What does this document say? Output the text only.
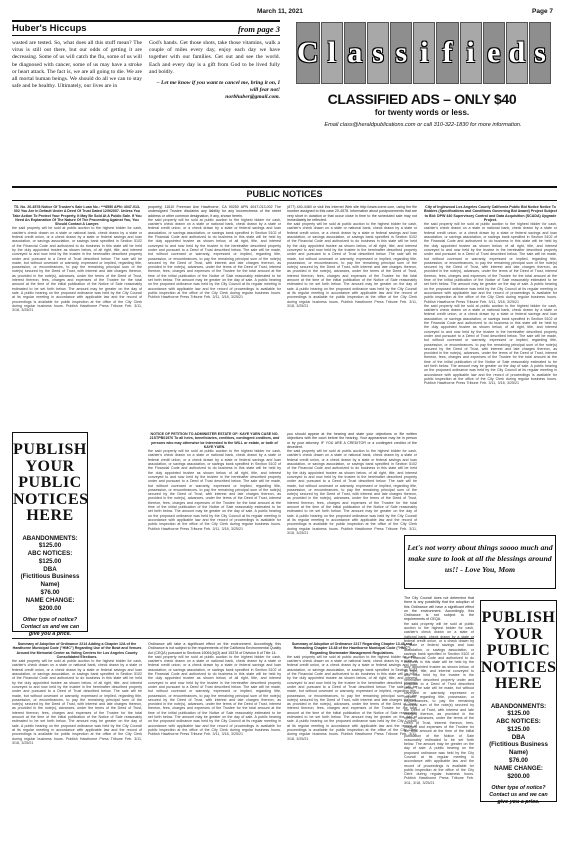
March 11, 2021	Page 7
Huber's Hiccups	from page 3
wasted are tested. So, what does all this stuff mean? The virus is still out there, but our odds of getting it are decreasing. Some of us will catch the flu, some of us will be diagnosed with cancer, some of us may have a stroke or heart attack. The fact is, we are all going to die. We are all mortal human beings. We should do all we can to stay safe and be healthy. Ultimately, our lives are in
God's hands. Get those shots, take those vitamins, walk a couple of miles every day, enjoy each day we have together with our families. Get out and see the world. Each and every day is a gift from God to be lived fully and boldly.
– Let me know if you want to cancel me, bring it on, I will fear not!
norbhuber@gmail.com.
C l a s s i f i e d s
CLASSIFIED ADS – ONLY $40
for twenty words or less.
Email class@heraldpublications.com or call 310-322-1830 for more information.
PUBLIC NOTICES
TS. No. 20-4578 Notice Of Trustee's Sale Loan No.: ***8550 APN: 4047-013-002 You Are In Default Under A Deed Of Trust Dated 12/9/2007. Unless You Take Action To Protect Your Property, It May Be Sold At A Public Sale. If You Need An Explanation Of The Nature Of The Proceeding Against You, You Should Contact A Lawyer.
the said property will be sold at public auction to the highest bidder for cash, cashier's check drawn on a state or national bank, check drawn by a state or federal credit union, or a check drawn by a state or federal savings and loan association, or savings association, or savings bank specified in Section 5102 of the Financial Code and authorized to do business in this state will be held by the duly appointed trustee as shown below, of all right, title, and interest conveyed to and now held by the trustee in the hereinafter described property under and pursuant to a Deed of Trust described below. The sale will be made, but without covenant or warranty, expressed or implied, regarding title, possession, or encumbrances, to pay the remaining principal sum of the note(s) secured by the Deed of Trust, with interest and late charges thereon, as provided in the note(s), advances, under the terms of the Deed of Trust, interest thereon, fees, charges and expenses of the Trustee for the total amount at the time of the initial publication of the Notice of Sale reasonably estimated to be set forth below. The amount may be greater on the day of sale. A public hearing on the proposed ordinance was held by the City Council at its regular meeting in accordance with applicable law and the record of proceedings is available for public inspection at the office of the City Clerk during regular business hours. Publish Hawthorne Press Tribune Feb. 3/11, 3/18, 3/25/21
property) 11610 Freeman Ave Hawthorne, CA 90250 APN 4047-013-002 The undersigned Trustee disclaims any liability for any incorrectness of the street address or other common designation, if any, shown herein.
the said property will be sold at public auction to the highest bidder for cash, cashier's check drawn on a state or national bank, check drawn by a state or federal credit union, or a check drawn by a state or federal savings and loan association, or savings association, or savings bank specified in Section 5102 of the Financial Code and authorized to do business in this state will be held by the duly appointed trustee as shown below, of all right, title, and interest conveyed to and now held by the trustee in the hereinafter described property under and pursuant to a Deed of Trust described below. The sale will be made, but without covenant or warranty, expressed or implied, regarding title, possession, or encumbrances, to pay the remaining principal sum of the note(s) secured by the Deed of Trust, with interest and late charges thereon, as provided in the note(s), advances, under the terms of the Deed of Trust, interest thereon, fees, charges and expenses of the Trustee for the total amount at the time of the initial publication of the Notice of Sale reasonably estimated to be set forth below. The amount may be greater on the day of sale. A public hearing on the proposed ordinance was held by the City Council at its regular meeting in accordance with applicable law and the record of proceedings is available for public inspection at the office of the City Clerk during regular business hours. Publish Hawthorne Press Tribune Feb. 3/11, 3/18, 3/25/21
(877) 440-4460 or visit this Internet Web site http://www.xome.com, using the file number assigned to this case 20-4578. Information about postponements that are very short in duration or that occur close in time to the scheduled sale may not immediately be reflected.
the said property will be sold at public auction to the highest bidder for cash, cashier's check drawn on a state or national bank, check drawn by a state or federal credit union, or a check drawn by a state or federal savings and loan association, or savings association, or savings bank specified in Section 5102 of the Financial Code and authorized to do business in this state will be held by the duly appointed trustee as shown below, of all right, title, and interest conveyed to and now held by the trustee in the hereinafter described property under and pursuant to a Deed of Trust described below. The sale will be made, but without covenant or warranty, expressed or implied, regarding title, possession, or encumbrances, to pay the remaining principal sum of the note(s) secured by the Deed of Trust, with interest and late charges thereon, as provided in the note(s), advances, under the terms of the Deed of Trust, interest thereon, fees, charges and expenses of the Trustee for the total amount at the time of the initial publication of the Notice of Sale reasonably estimated to be set forth below. The amount may be greater on the day of sale. A public hearing on the proposed ordinance was held by the City Council at its regular meeting in accordance with applicable law and the record of proceedings is available for public inspection at the office of the City Clerk during regular business hours. Publish Hawthorne Press Tribune Feb. 3/11, 3/18, 3/25/21
City of Inglewood Los Angeles County California Public Bid Notice Notice To Bidders (Specifications and Conditions Governing Bid Award) Project Subject to Bid: DPW 440 Supervisory Control and Data Acquisition (SCADA) Upgrade Project.
the said property will be sold at public auction to the highest bidder for cash, cashier's check drawn on a state or national bank, check drawn by a state or federal credit union, or a check drawn by a state or federal savings and loan association, or savings association, or savings bank specified in Section 5102 of the Financial Code and authorized to do business in this state will be held by the duly appointed trustee as shown below, of all right, title, and interest conveyed to and now held by the trustee in the hereinafter described property under and pursuant to a Deed of Trust described below. The sale will be made, but without covenant or warranty, expressed or implied, regarding title, possession, or encumbrances, to pay the remaining principal sum of the note(s) secured by the Deed of Trust, with interest and late charges thereon, as provided in the note(s), advances, under the terms of the Deed of Trust, interest thereon, fees, charges and expenses of the Trustee for the total amount at the time of the initial publication of the Notice of Sale reasonably estimated to be set forth below. The amount may be greater on the day of sale. A public hearing on the proposed ordinance was held by the City Council at its regular meeting in accordance with applicable law and the record of proceedings is available for public inspection at the office of the City Clerk during regular business hours. Publish Hawthorne Press Tribune Feb. 3/11, 3/18, 3/25/21
the said property will be sold at public auction to the highest bidder for cash, cashier's check drawn on a state or national bank, check drawn by a state or federal credit union, or a check drawn by a state or federal savings and loan association, or savings association, or savings bank specified in Section 5102 of the Financial Code and authorized to do business in this state will be held by the duly appointed trustee as shown below, of all right, title, and interest conveyed to and now held by the trustee in the hereinafter described property under and pursuant to a Deed of Trust described below. The sale will be made, but without covenant or warranty, expressed or implied, regarding title, possession, or encumbrances, to pay the remaining principal sum of the note(s) secured by the Deed of Trust, with interest and late charges thereon, as provided in the note(s), advances, under the terms of the Deed of Trust, interest thereon, fees, charges and expenses of the Trustee for the total amount at the time of the initial publication of the Notice of Sale reasonably estimated to be set forth below. The amount may be greater on the day of sale. A public hearing on the proposed ordinance was held by the City Council at its regular meeting in accordance with applicable law and the record of proceedings is available for public inspection at the office of the City Clerk during regular business hours. Publish Hawthorne Press Tribune Feb. 3/11, 3/18, 3/25/21
PUBLISH
YOUR
PUBLIC
NOTICES
HERE
ABANDONMENTS:
$125.00
ABC NOTICES:
$125.00
DBA
(Fictitious Business Name)
$76.00
NAME CHANGE:
$200.00
Other type of notice? Contact us and we can give you a price.
NOTICE OF PETITION TO ADMINISTER ESTATE OF: KAYE YUEN CASE NO. 21STPB01976 To all heirs, beneficiaries, creditors, contingent creditors, and persons who may otherwise be interested in the WILL or estate, or both of KAYE YUEN.
the said property will be sold at public auction to the highest bidder for cash, cashier's check drawn on a state or national bank, check drawn by a state or federal credit union, or a check drawn by a state or federal savings and loan association, or savings association, or savings bank specified in Section 5102 of the Financial Code and authorized to do business in this state will be held by the duly appointed trustee as shown below, of all right, title, and interest conveyed to and now held by the trustee in the hereinafter described property under and pursuant to a Deed of Trust described below. The sale will be made, but without covenant or warranty, expressed or implied, regarding title, possession, or encumbrances, to pay the remaining principal sum of the note(s) secured by the Deed of Trust, with interest and late charges thereon, as provided in the note(s), advances, under the terms of the Deed of Trust, interest thereon, fees, charges and expenses of the Trustee for the total amount at the time of the initial publication of the Notice of Sale reasonably estimated to be set forth below. The amount may be greater on the day of sale. A public hearing on the proposed ordinance was held by the City Council at its regular meeting in accordance with applicable law and the record of proceedings is available for public inspection at the office of the City Clerk during regular business hours. Publish Hawthorne Press Tribune Feb. 3/11, 3/18, 3/25/21
you should appear at the hearing and state your objections or file written objections with the court before the hearing. Your appearance may be in person or by your attorney. IF YOU ARE A CREDITOR or a contingent creditor of the decedent.
the said property will be sold at public auction to the highest bidder for cash, cashier's check drawn on a state or national bank, check drawn by a state or federal credit union, or a check drawn by a state or federal savings and loan association, or savings association, or savings bank specified in Section 5102 of the Financial Code and authorized to do business in this state will be held by the duly appointed trustee as shown below, of all right, title, and interest conveyed to and now held by the trustee in the hereinafter described property under and pursuant to a Deed of Trust described below. The sale will be made, but without covenant or warranty, expressed or implied, regarding title, possession, or encumbrances, to pay the remaining principal sum of the note(s) secured by the Deed of Trust, with interest and late charges thereon, as provided in the note(s), advances, under the terms of the Deed of Trust, interest thereon, fees, charges and expenses of the Trustee for the total amount at the time of the initial publication of the Notice of Sale reasonably estimated to be set forth below. The amount may be greater on the day of sale. A public hearing on the proposed ordinance was held by the City Council at its regular meeting in accordance with applicable law and the record of proceedings is available for public inspection at the office of the City Clerk during regular business hours. Publish Hawthorne Press Tribune Feb. 3/11, 3/18, 3/25/21
Let's not worry about things soooo much and make sure to look at all the blessings around us!! - Love You, Mom
Summary of Adoption of Ordinance 2214 Adding a Chapter 12A of the Hawthorne Municipal Code ("HMC") Regarding Use of the Bowl and Venues Around the Memorial Center as Voting Centers for Los Angeles County Consolidated Elections.
the said property will be sold at public auction to the highest bidder for cash, cashier's check drawn on a state or national bank, check drawn by a state or federal credit union, or a check drawn by a state or federal savings and loan association, or savings association, or savings bank specified in Section 5102 of the Financial Code and authorized to do business in this state will be held by the duly appointed trustee as shown below, of all right, title, and interest conveyed to and now held by the trustee in the hereinafter described property under and pursuant to a Deed of Trust described below. The sale will be made, but without covenant or warranty, expressed or implied, regarding title, possession, or encumbrances, to pay the remaining principal sum of the note(s) secured by the Deed of Trust, with interest and late charges thereon, as provided in the note(s), advances, under the terms of the Deed of Trust, interest thereon, fees, charges and expenses of the Trustee for the total amount at the time of the initial publication of the Notice of Sale reasonably estimated to be set forth below. The amount may be greater on the day of sale. A public hearing on the proposed ordinance was held by the City Council at its regular meeting in accordance with applicable law and the record of proceedings is available for public inspection at the office of the City Clerk during regular business hours. Publish Hawthorne Press Tribune Feb. 3/11, 3/18, 3/25/21
Ordinance will take a significant effect on the environment. Accordingly, this Ordinance is not subject to the requirements of the California Environmental Quality Act (CEQA) pursuant to Sections 15061(b)(3) and 15378 of Division 6 of Title 14.
the said property will be sold at public auction to the highest bidder for cash, cashier's check drawn on a state or national bank, check drawn by a state or federal credit union, or a check drawn by a state or federal savings and loan association, or savings association, or savings bank specified in Section 5102 of the Financial Code and authorized to do business in this state will be held by the duly appointed trustee as shown below, of all right, title, and interest conveyed to and now held by the trustee in the hereinafter described property under and pursuant to a Deed of Trust described below. The sale will be made, but without covenant or warranty, expressed or implied, regarding title, possession, or encumbrances, to pay the remaining principal sum of the note(s) secured by the Deed of Trust, with interest and late charges thereon, as provided in the note(s), advances, under the terms of the Deed of Trust, interest thereon, fees, charges and expenses of the Trustee for the total amount at the time of the initial publication of the Notice of Sale reasonably estimated to be set forth below. The amount may be greater on the day of sale. A public hearing on the proposed ordinance was held by the City Council at its regular meeting in accordance with applicable law and the record of proceedings is available for public inspection at the office of the City Clerk during regular business hours. Publish Hawthorne Press Tribune Feb. 3/11, 3/18, 3/25/21
Summary of Adoption of Ordinance 2217 Regarding Chapter 13.48 and Reenacting Chapter 13.48 of the Hawthorne Municipal Code ("HMC") Regarding Stormwater Management Regulations.
the said property will be sold at public auction to the highest bidder for cash, cashier's check drawn on a state or national bank, check drawn by a state or federal credit union, or a check drawn by a state or federal savings and loan association, or savings association, or savings bank specified in Section 5102 of the Financial Code and authorized to do business in this state will be held by the duly appointed trustee as shown below, of all right, title, and interest conveyed to and now held by the trustee in the hereinafter described property under and pursuant to a Deed of Trust described below. The sale will be made, but without covenant or warranty, expressed or implied, regarding title, possession, or encumbrances, to pay the remaining principal sum of the note(s) secured by the Deed of Trust, with interest and late charges thereon, as provided in the note(s), advances, under the terms of the Deed of Trust, interest thereon, fees, charges and expenses of the Trustee for the total amount at the time of the initial publication of the Notice of Sale reasonably estimated to be set forth below. The amount may be greater on the day of sale. A public hearing on the proposed ordinance was held by the City Council at its regular meeting in accordance with applicable law and the record of proceedings is available for public inspection at the office of the City Clerk during regular business hours. Publish Hawthorne Press Tribune Feb. 3/11, 3/18, 3/25/21
The City Council does not determine that there is any possibility that the adoption of this Ordinance will have a significant effect on the environment. Accordingly, this Ordinance is not subject to the requirements of CEQA.
the said property will be sold at public auction to the highest bidder for cash, cashier's check drawn on a state or national bank, check drawn by a state or federal credit union, or a check drawn by a state or federal savings and loan association, or savings association, or savings bank specified in Section 5102 of the Financial Code and authorized to do business in this state will be held by the duly appointed trustee as shown below, of all right, title, and interest conveyed to and now held by the trustee in the hereinafter described property under and pursuant to a Deed of Trust described below. The sale will be made, but without covenant or warranty, expressed or implied, regarding title, possession, or encumbrances, to pay the remaining principal sum of the note(s) secured by the Deed of Trust, with interest and late charges thereon, as provided in the note(s), advances, under the terms of the Deed of Trust, interest thereon, fees, charges and expenses of the Trustee for the total amount at the time of the initial publication of the Notice of Sale reasonably estimated to be set forth below. The amount may be greater on the day of sale. A public hearing on the proposed ordinance was held by the City Council at its regular meeting in accordance with applicable law and the record of proceedings is available for public inspection at the office of the City Clerk during regular business hours. Publish Hawthorne Press Tribune Feb. 3/11, 3/18, 3/25/21
PUBLISH
YOUR
PUBLIC
NOTICES
HERE
ABANDONMENTS:
$125.00
ABC NOTICES:
$125.00
DBA
(Fictitious Business Name)
$76.00
NAME CHANGE:
$200.00
Other type of notice? Contact us and we can give you a price.
